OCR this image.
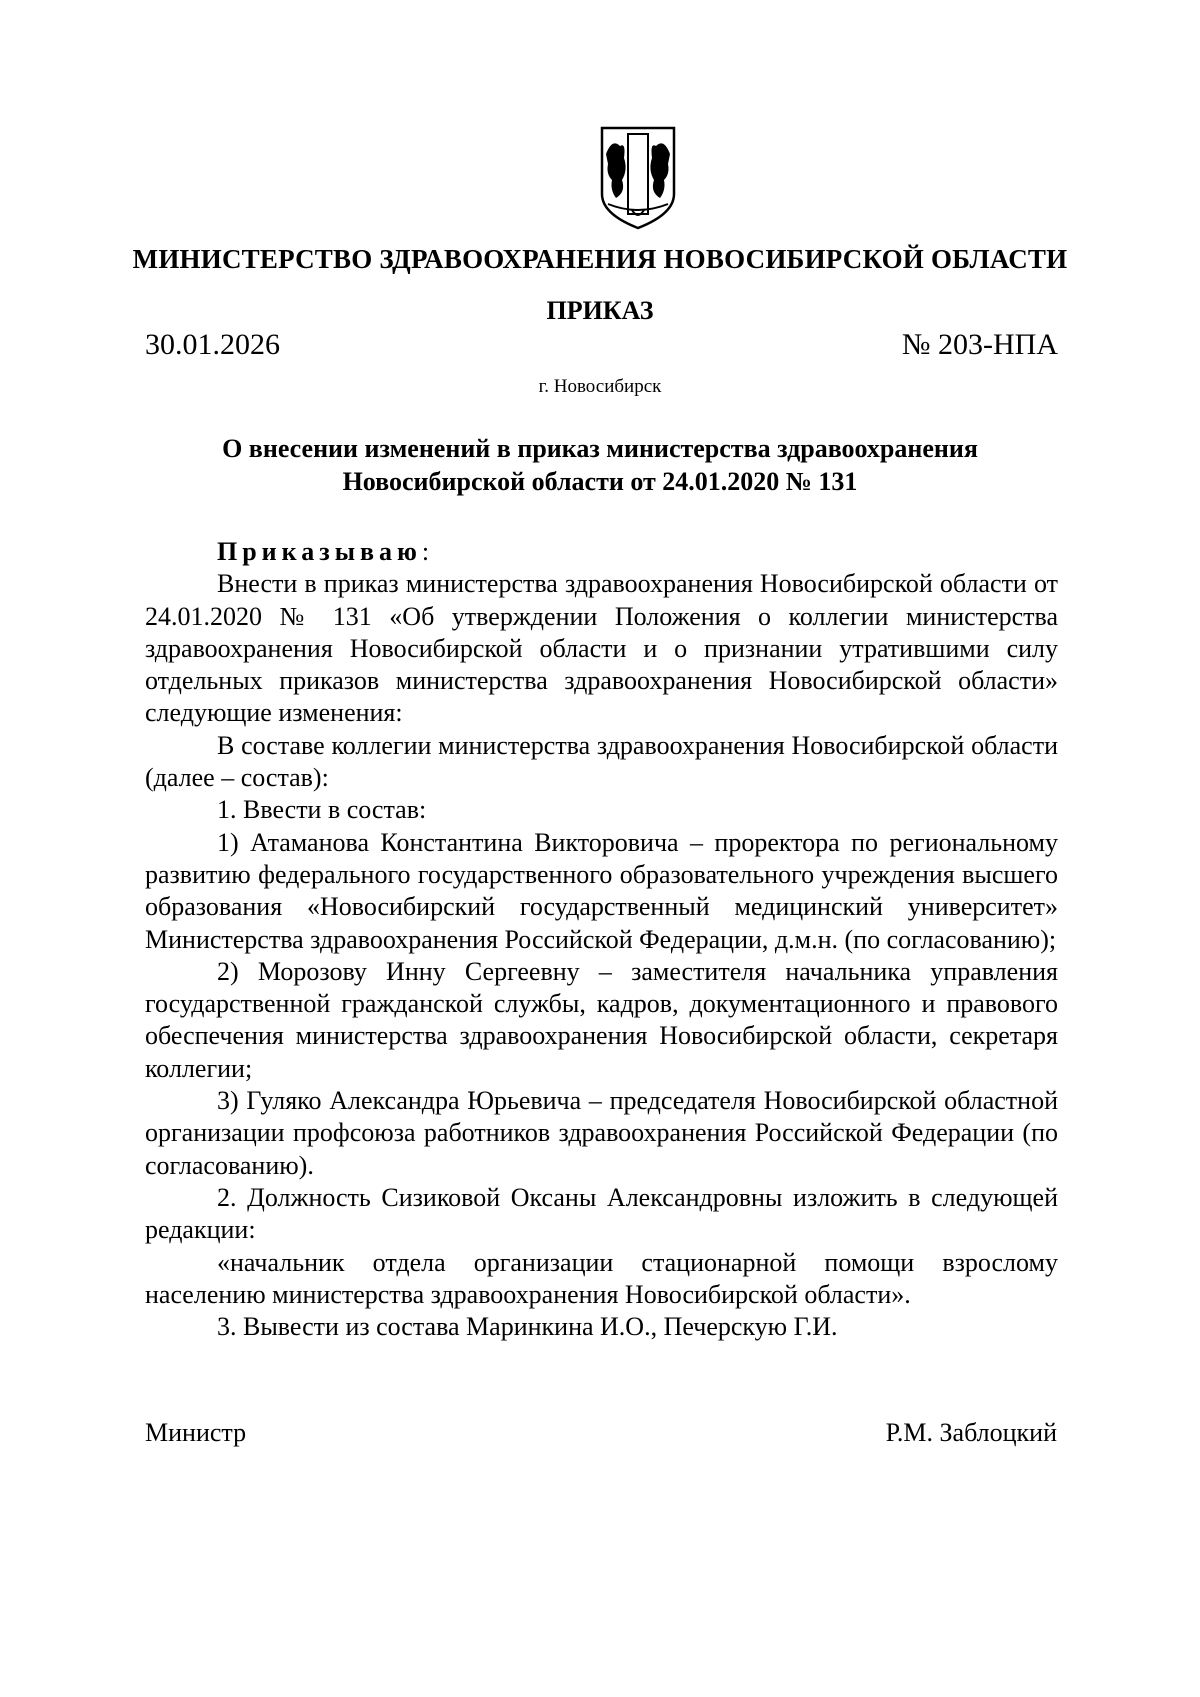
МИНИСТЕРСТВО ЗДРАВООХРАНЕНИЯ НОВОСИБИРСКОЙ ОБЛАСТИ
ПРИКАЗ
30.01.2026	№ 203-НПА
г. Новосибирск
О внесении изменений в приказ министерства здравоохранения
Новосибирской области от 24.01.2020 № 131

Приказываю:

Внести в приказ министерства здравоохранения Новосибирской области от 24.01.2020 № 131 «Об утверждении Положения о коллегии министерства здравоохранения Новосибирской области и о признании утратившими силу отдельных приказов министерства здравоохранения Новосибирской области» следующие изменения:

В составе коллегии министерства здравоохранения Новосибирской области (далее – состав):

1. Ввести в состав:

1) Атаманова Константина Викторовича – проректора по региональному развитию федерального государственного образовательного учреждения высшего образования «Новосибирский государственный медицинский университет» Министерства здравоохранения Российской Федерации, д.м.н. (по согласованию);

2) Морозову Инну Сергеевну – заместителя начальника управления государственной гражданской службы, кадров, документационного и правового обеспечения министерства здравоохранения Новосибирской области, секретаря коллегии;

3) Гуляко Александра Юрьевича – председателя Новосибирской областной организации профсоюза работников здравоохранения Российской Федерации (по согласованию).

2. Должность Сизиковой Оксаны Александровны изложить в следующей редакции:

«начальник отдела организации стационарной помощи взрослому населению министерства здравоохранения Новосибирской области».

3. Вывести из состава Маринкина И.О., Печерскую Г.И.

Министр	Р.М. Заблоцкий
